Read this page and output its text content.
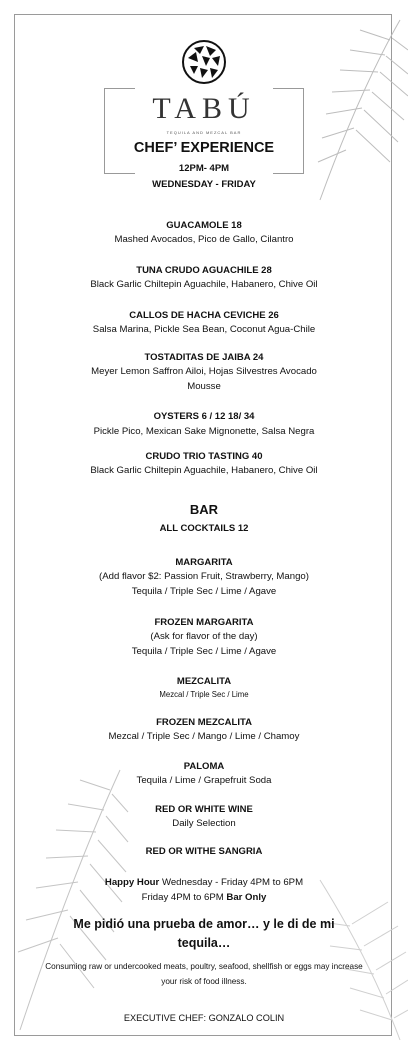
TABÚ
TEQUILA AND MEZCAL BAR
CHEF’ EXPERIENCE
12PM- 4PM
WEDNESDAY - FRIDAY
GUACAMOLE 18
Mashed Avocados, Pico de Gallo, Cilantro
TUNA CRUDO AGUACHILE 28
Black Garlic Chiltepin Aguachile, Habanero, Chive Oil
CALLOS DE HACHA CEVICHE 26
Salsa Marina, Pickle Sea Bean, Coconut Agua-Chile
TOSTADITAS DE JAIBA 24
Meyer Lemon Saffron Ailoi, Hojas Silvestres Avocado
Mousse
OYSTERS 6 / 12 18/ 34
Pickle Pico, Mexican Sake Mignonette, Salsa Negra
CRUDO TRIO TASTING 40
Black Garlic Chiltepin Aguachile, Habanero, Chive Oil
BAR
ALL COCKTAILS 12
MARGARITA
(Add flavor $2: Passion Fruit, Strawberry, Mango)
Tequila / Triple Sec / Lime / Agave
FROZEN MARGARITA
(Ask for flavor of the day)
Tequila / Triple Sec / Lime / Agave
MEZCALITA
Mezcal / Triple Sec / Lime
FROZEN MEZCALITA
Mezcal / Triple Sec / Mango / Lime / Chamoy
PALOMA
Tequila / Lime / Grapefruit Soda
RED OR WHITE WINE
Daily Selection
RED OR WITHE SANGRIA
Happy Hour Wednesday - Friday 4PM to 6PM
Friday 4PM to 6PM Bar Only
Me pidió una prueba de amor… y le di de mi
tequila…
Consuming raw or undercooked meats, poultry, seafood, shellfish or eggs may increase
your risk of food illness.
EXECUTIVE CHEF: GONZALO COLIN
